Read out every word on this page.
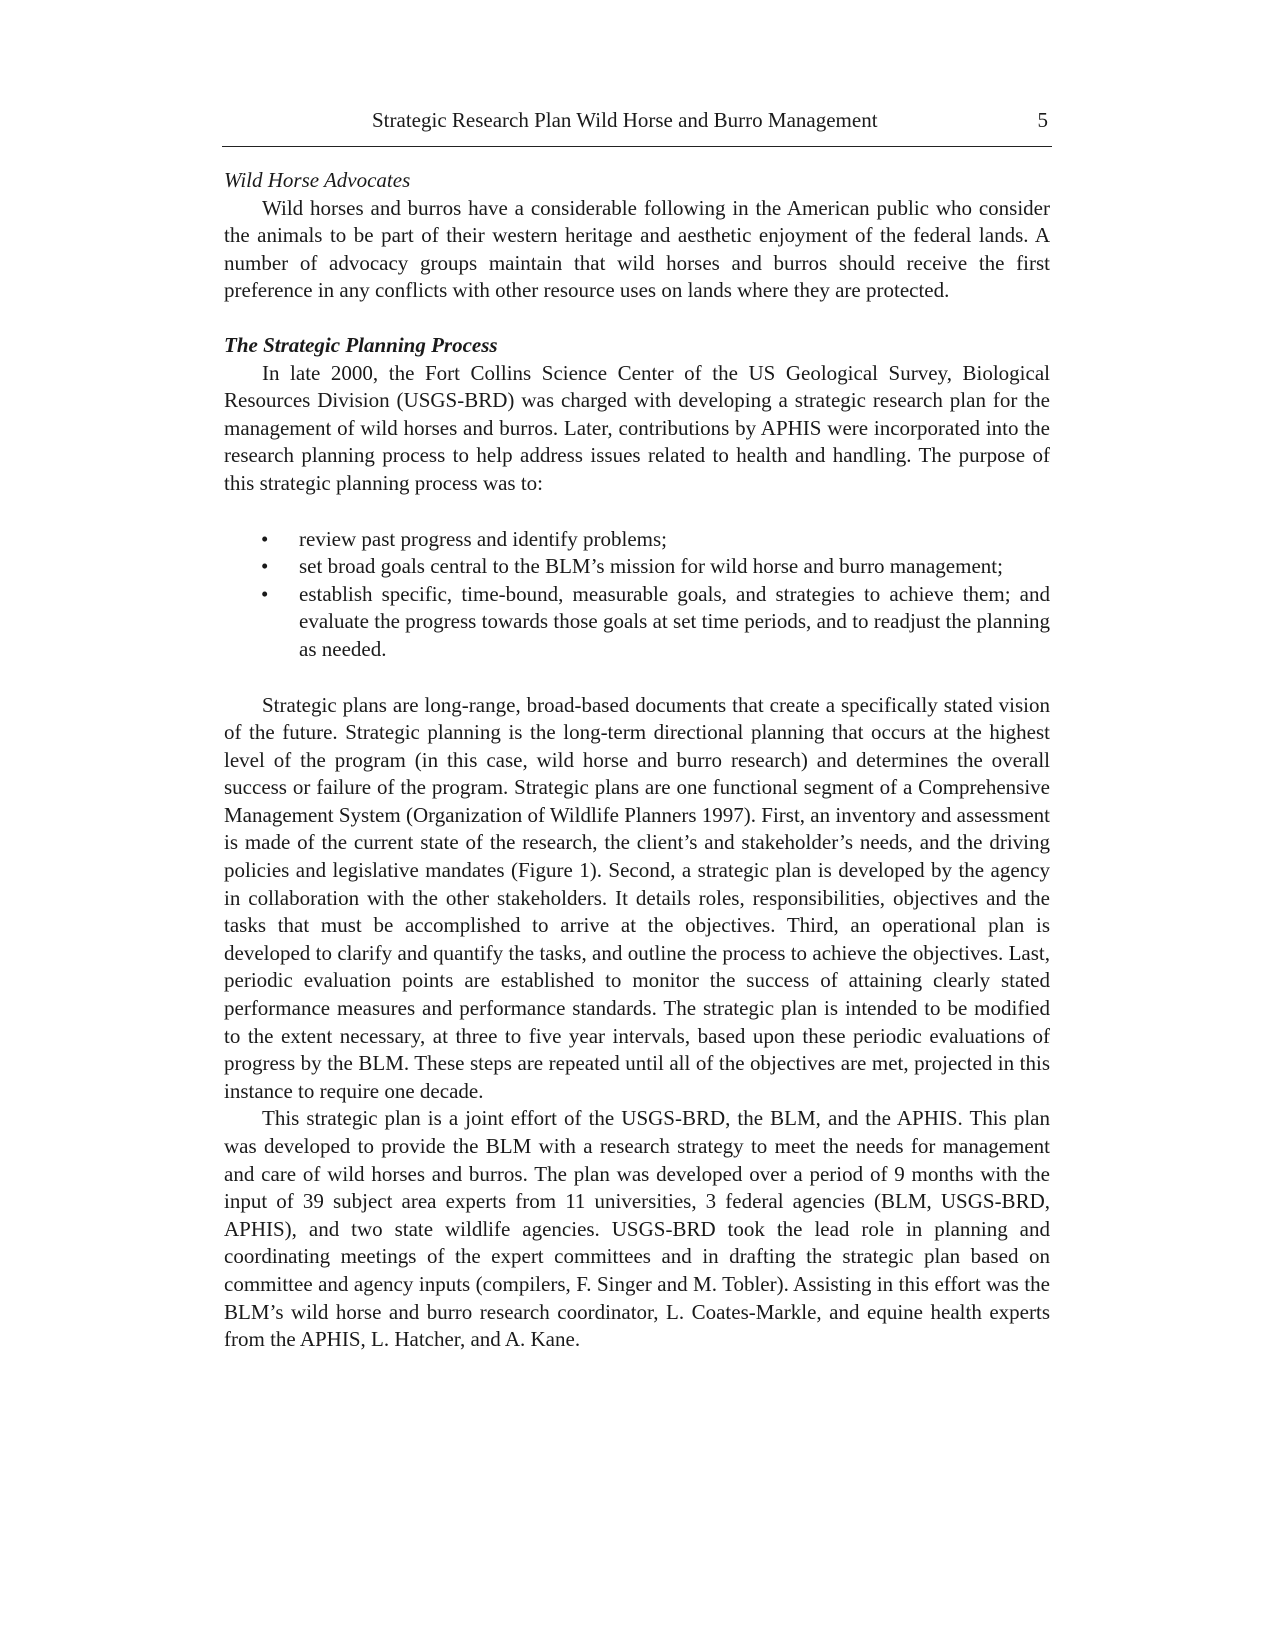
Strategic Research Plan Wild Horse and Burro Management	5
Wild Horse Advocates

Wild horses and burros have a considerable following in the American public who consider the animals to be part of their western heritage and aesthetic enjoyment of the federal lands. A number of advocacy groups maintain that wild horses and burros should receive the first preference in any conflicts with other resource uses on lands where they are protected.

The Strategic Planning Process

In late 2000, the Fort Collins Science Center of the US Geological Survey, Biological Resources Division (USGS-BRD) was charged with developing a strategic research plan for the management of wild horses and burros. Later, contributions by APHIS were incorporated into the research planning process to help address issues related to health and handling. The purpose of this strategic planning process was to:

• review past progress and identify problems;
• set broad goals central to the BLM’s mission for wild horse and burro management;
• establish specific, time-bound, measurable goals, and strategies to achieve them; and evaluate the progress towards those goals at set time periods, and to readjust the planning as needed.

Strategic plans are long-range, broad-based documents that create a specifically stated vision of the future. Strategic planning is the long-term directional planning that occurs at the highest level of the program (in this case, wild horse and burro research) and determines the overall success or failure of the program. Strategic plans are one functional segment of a Comprehensive Management System (Organization of Wildlife Planners 1997). First, an inventory and assessment is made of the current state of the research, the client’s and stakeholder’s needs, and the driving policies and legislative mandates (Figure 1). Second, a strategic plan is developed by the agency in collaboration with the other stakeholders. It details roles, responsibilities, objectives and the tasks that must be accomplished to arrive at the objectives. Third, an operational plan is developed to clarify and quantify the tasks, and outline the process to achieve the objectives. Last, periodic evaluation points are established to monitor the success of attaining clearly stated performance measures and performance standards. The strategic plan is intended to be modified to the extent necessary, at three to five year intervals, based upon these periodic evaluations of progress by the BLM. These steps are repeated until all of the objectives are met, projected in this instance to require one decade.

This strategic plan is a joint effort of the USGS-BRD, the BLM, and the APHIS. This plan was developed to provide the BLM with a research strategy to meet the needs for management and care of wild horses and burros. The plan was developed over a period of 9 months with the input of 39 subject area experts from 11 universities, 3 federal agencies (BLM, USGS-BRD, APHIS), and two state wildlife agencies. USGS-BRD took the lead role in planning and coordinating meetings of the expert committees and in drafting the strategic plan based on committee and agency inputs (compilers, F. Singer and M. Tobler). Assisting in this effort was the BLM’s wild horse and burro research coordinator, L. Coates-Markle, and equine health experts from the APHIS, L. Hatcher, and A. Kane.
